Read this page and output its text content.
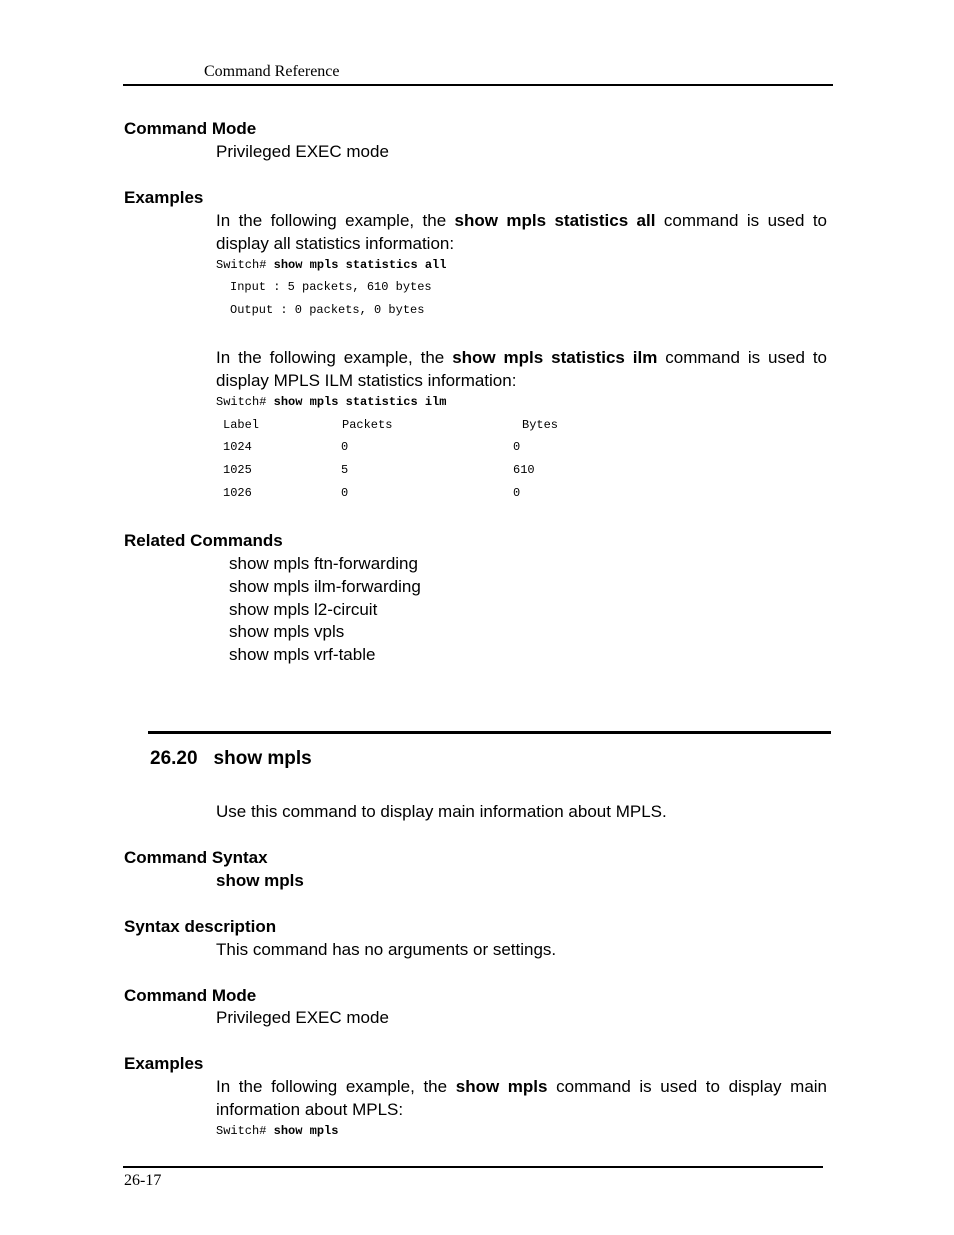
Command Reference
Command Mode
Privileged EXEC mode
Examples
In the following example, the show mpls statistics all command is used to display all statistics information:
Switch# show mpls statistics all
Input : 5 packets, 610 bytes
Output : 0 packets, 0 bytes
In the following example, the show mpls statistics ilm command is used to display MPLS ILM statistics information:
Switch# show mpls statistics ilm
Label	Packets	Bytes
1024	0	0
1025	5	610
1026	0	0
Related Commands
show mpls ftn-forwarding
show mpls ilm-forwarding
show mpls l2-circuit
show mpls vpls
show mpls vrf-table
26.20 show mpls
Use this command to display main information about MPLS.
Command Syntax
show mpls
Syntax description
This command has no arguments or settings.
Command Mode
Privileged EXEC mode
Examples
In the following example, the show mpls command is used to display main information about MPLS:
Switch# show mpls
26-17
